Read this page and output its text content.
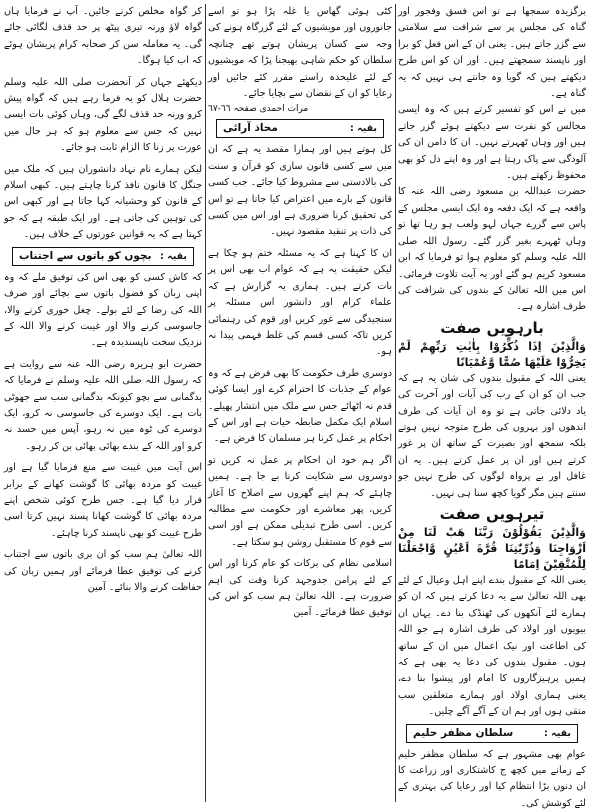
برگزیدہ سمجھا ہے تو اس فسق وفجور اور گناہ کی مجلس پر سے شرافت سے سلامتی سے گزر جاتے ہیں۔ یعنی ان کے اس فعل کو برا اور ناپسند سمجھتے ہیں۔ اور ان کو اس طرح دیکھتے ہیں کہ گویا وہ جانتے ہی نہیں کہ یہ گناہ ہے۔

میں نے اس کو تفسیر کرتے ہیں کہ وہ ایسی مجالس کو نفرت سے دیکھتے ہوئے گزر جاتے ہیں اور وہاں ٹھہرتے نہیں۔ ان کا دامن ان کی آلودگی سے پاک رہتا ہے اور وہ اپنے دل کو بھی محفوظ رکھتے ہیں۔

حضرت عبداللہ بن مسعود رضی اللہ عنہ کا واقعہ ہے کہ ایک دفعہ وہ ایک ایسی مجلس کے پاس سے گزرے جہاں لہو ولعب ہو رہا تھا تو وہاں ٹھہرے بغیر گزر گئے۔ رسول اللہ صلی اللہ علیہ وسلم کو معلوم ہوا تو فرمایا کہ ابن مسعود کریم ہو گئے اور یہ آیت تلاوت فرمائی۔ اس میں اللہ تعالیٰ کے بندوں کی شرافت کی طرف اشارہ ہے۔

بارہویں صفت

وَالَّذِيْنَ اِذَا ذُكِّرُوْا بِاٰيٰتِ رَبِّهِمْ لَمْ يَخِرُّوْا عَلَيْهَا صُمًّا وَّعُمْيَانًا

یعنی اللہ کے مقبول بندوں کی شان یہ ہے کہ جب ان کو ان کے رب کی آیات اور آخرت کی یاد دلائی جاتی ہے تو وہ ان آیات کی طرف اندھوں اور بہروں کی طرح متوجہ نہیں ہوتے بلکہ سمجھ اور بصیرت کے ساتھ ان پر غور کرتے ہیں اور ان پر عمل کرتے ہیں۔ یہ ان غافل اور بے پرواہ لوگوں کی طرح نہیں جو سنتے ہیں مگر گویا کچھ سنا ہی نہیں۔

تیرہویں صفت

وَالَّذِيْنَ يَقُوْلُوْنَ رَبَّنَا هَبْ لَنَا مِنْ اَزْوَاجِنَا وَذُرِّيّٰتِنَا قُرَّةَ اَعْيُنٍ وَّاجْعَلْنَا لِلْمُتَّقِيْنَ اِمَامًا

یعنی اللہ کے مقبول بندے اپنے اہل وعیال کے لئے بھی اللہ تعالیٰ سے یہ دعا کرتے ہیں کہ ان کو ہمارے لئے آنکھوں کی ٹھنڈک بنا دے۔ یہاں ان بیویوں اور اولاد کی طرف اشارہ ہے جو اللہ کی اطاعت اور نیک اعمال میں ان کے ساتھ ہوں۔ مقبول بندوں کی دعا یہ بھی ہے کہ ہمیں پرہیزگاروں کا امام اور پیشوا بنا دے، یعنی ہماری اولاد اور ہمارے متعلقین سب متقی ہوں اور ہم ان کے آگے آگے چلیں۔

بقیہ :
سلطان مظفر حلیم

عوام بھی مشہور ہے کہ سلطان مظفر حلیم کے زمانے میں کچھ ج کاشتکاری اور زراعت کا ان دنوں بڑا انتظام کیا اور رعایا کی بہتری کے لئے کوشش کی۔

کٹی ہوئی گھاس یا غلہ پڑا ہو تو اسے جانوروں اور مویشیوں کے لئے گزرگاہ ہونے کی وجہ سے کسان پریشان ہوتے تھے چنانچہ سلطان کو حکم شاہی بھیجنا پڑا کہ مویشیوں کے لئے علیحدہ راستے مقرر کئے جائیں اور رعایا کو ان کے نقصان سے بچایا جائے۔

مرات احمدی صفحہ ٦٦-٦٧
بقیہ :
محاذ آرائی

کل ہوتے ہیں اور ہمارا مقصد یہ ہے کہ ان میں سے کسی قانون سازی کو قرآن و سنت کی بالادستی سے مشروط کیا جائے۔ جب کسی قانون کے بارے میں اعتراض کیا جاتا ہے تو اس کی تحقیق کرنا ضروری ہے اور اس میں کسی کی ذات پر تنقید مقصود نہیں۔

ان کا کہنا ہے کہ یہ مسئلہ ختم ہو چکا ہے لیکن حقیقت یہ ہے کہ عوام اب بھی اس پر بات کرتے ہیں۔ ہماری یہ گزارش ہے کہ علماء کرام اور دانشور اس مسئلہ پر سنجیدگی سے غور کریں اور قوم کی رہنمائی کریں تاکہ کسی قسم کی غلط فہمی پیدا نہ ہو۔

دوسری طرف حکومت کا بھی فرض ہے کہ وہ عوام کے جذبات کا احترام کرے اور ایسا کوئی قدم نہ اٹھائے جس سے ملک میں انتشار پھیلے۔ اسلام ایک مکمل ضابطہ حیات ہے اور اس کے احکام پر عمل کرنا ہر مسلمان کا فرض ہے۔

اگر ہم خود ان احکام پر عمل نہ کریں تو دوسروں سے شکایت کرنا بے جا ہے۔ ہمیں چاہئے کہ ہم اپنے گھروں سے اصلاح کا آغاز کریں، پھر معاشرے اور حکومت سے مطالبہ کریں۔ اسی طرح تبدیلی ممکن ہے اور اسی سے قوم کا مستقبل روشن ہو سکتا ہے۔

اسلامی نظام کی برکات کو عام کرنا اور اس کے لئے پرامن جدوجہد کرنا وقت کی اہم ضرورت ہے۔ اللہ تعالیٰ ہم سب کو اس کی توفیق عطا فرمائے۔ آمین

کر گواہ مخلص کرنے جائیں۔ آپ نے فرمایا ہاں گواہ لاؤ ورنہ تیری پیٹھ پر حد قذف لگائی جائے گی۔ یہ معاملہ سن کر صحابہ کرام پریشان ہوئے کہ اب کیا ہوگا۔

دیکھئے جہاں کر آنحضرت صلی اللہ علیہ وسلم حضرت ہلال کو یہ فرما رہے ہیں کہ گواہ پیش کرو ورنہ حد قذف لگے گی، وہاں کوئی بات ایسی نہیں کہ جس سے معلوم ہو کہ ہر حال میں عورت پر زنا کا الزام ثابت ہو جائے۔

لیکن ہمارے نام نہاد دانشوران ہیں کہ ملک میں جنگل کا قانون نافذ کرنا چاہتے ہیں۔ کبھی اسلام کے قانون کو وحشیانہ کہا جاتا ہے اور کبھی اس کی توہین کی جاتی ہے۔ اور ایک طبقہ ہے کہ جو کہتا ہے کہ یہ قوانین عورتوں کے خلاف ہیں۔

بقیہ :
بچوں کو باتوں سے اجتناب

کہ کاش کسی کو بھی اس کی توفیق ملے کہ وہ اپنی زبان کو فضول باتوں سے بچائے اور صرف اللہ کی رضا کے لئے بولے۔ چغل خوری کرنے والا، جاسوسی کرنے والا اور غیبت کرنے والا اللہ کے نزدیک سخت ناپسندیدہ ہے۔

حضرت ابو ہریرہ رضی اللہ عنہ سے روایت ہے کہ رسول اللہ صلی اللہ علیہ وسلم نے فرمایا کہ بدگمانی سے بچو کیونکہ بدگمانی سب سے جھوٹی بات ہے۔ ایک دوسرے کی جاسوسی نہ کرو، ایک دوسرے کی ٹوہ میں نہ رہو، آپس میں حسد نہ کرو اور اللہ کے بندے بھائی بھائی بن کر رہو۔

اس آیت میں غیبت سے منع فرمایا گیا ہے اور غیبت کو مردہ بھائی کا گوشت کھانے کے برابر قرار دیا گیا ہے۔ جس طرح کوئی شخص اپنے مردہ بھائی کا گوشت کھانا پسند نہیں کرتا اسی طرح غیبت کو بھی ناپسند کرنا چاہئے۔

اللہ تعالیٰ ہم سب کو ان بری باتوں سے اجتناب کرنے کی توفیق عطا فرمائے اور ہمیں زبان کی حفاظت کرنے والا بنائے۔ آمین
